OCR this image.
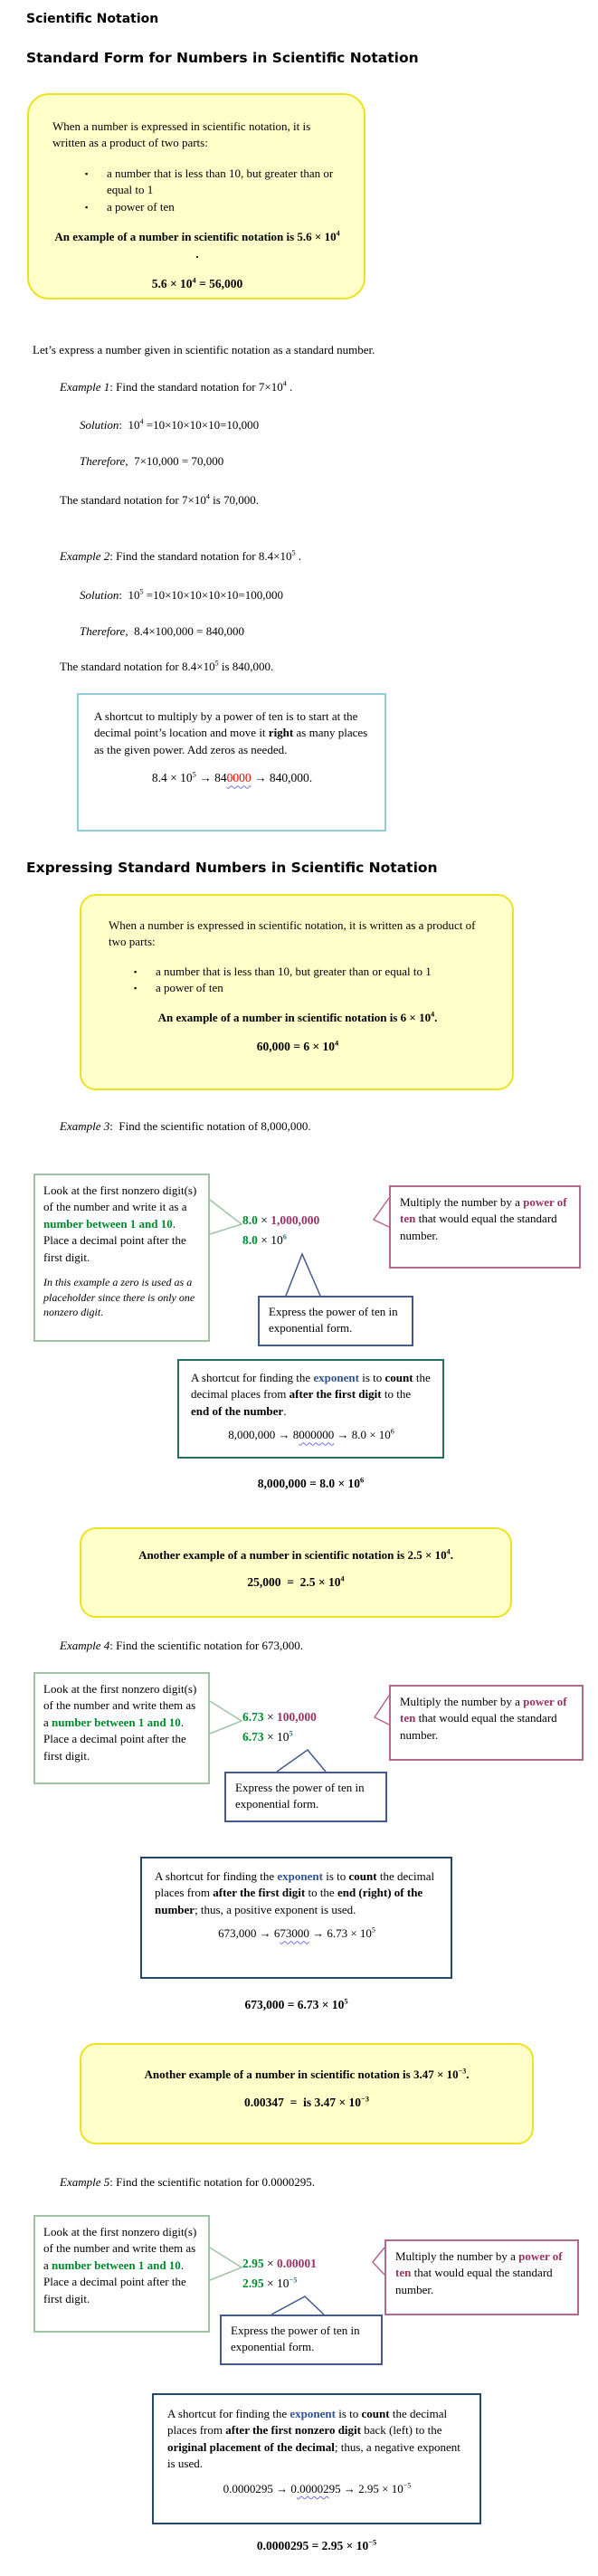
Scientific Notation
Standard Form for Numbers in Scientific Notation
When a number is expressed in scientific notation, it is written as a product of two parts:
▪	a number that is less than 10, but greater than or equal to 1
▪	a power of ten
An example of a number in scientific notation is $5.6 \times 10^4$ .
$5.6 \times 10^4 = 56,000$
Let’s express a number given in scientific notation as a standard number.
Example 1: Find the standard notation for $7\times 10^4$ .
Solution:  $10^4 =10\times 10\times 10\times 10=10,000$
Therefore,  7×10,000 = 70,000
The standard notation for $7\times 10^4$ is 70,000.
Example 2: Find the standard notation for $8.4\times 10^5$ .
Solution:  $10^5 =10\times 10\times 10\times 10\times 10=100,000$
Therefore,  8.4×100,000 = 840,000
The standard notation for $8.4\times 10^5$ is 840,000.
A shortcut to multiply by a power of ten is to start at the decimal point’s location and move it right as many places as the given power. Add zeros as needed.
$8.4 \times 10^5 \to 840000 \to 840,000$.
Expressing Standard Numbers in Scientific Notation
When a number is expressed in scientific notation, it is written as a product of two parts:
▪	a number that is less than 10, but greater than or equal to 1
▪	a power of ten
An example of a number in scientific notation is $6 \times 10^4$.
$60,000 = 6 \times 10^4$
Example 3:  Find the scientific notation of 8,000,000.
Look at the first nonzero digit(s) of the number and write it as a number between 1 and 10. Place a decimal point after the first digit.
In this example a zero is used as a placeholder since there is only one nonzero digit.
8.0 × 1,000,000
$8.0 \times 10^6$
Multiply the number by a power of ten that would equal the standard number.
Express the power of ten in exponential form.
A shortcut for finding the exponent is to count the decimal places from after the first digit to the end of the number.
$8,000,000 \to 8000000 \to 8.0 \times 10^6$
$8,000,000 = 8.0 \times 10^6$
Another example of a number in scientific notation is $2.5 \times 10^4$.
$25,000 = 2.5 \times 10^4$
Example 4: Find the scientific notation for 673,000.
Look at the first nonzero digit(s) of the number and write them as a number between 1 and 10. Place a decimal point after the first digit.
6.73 × 100,000
$6.73 \times 10^5$
Multiply the number by a power of ten that would equal the standard number.
Express the power of ten in exponential form.
A shortcut for finding the exponent is to count the decimal places from after the first digit to the end (right) of the number; thus, a positive exponent is used.
$673,000 \to 673000 \to 6.73 \times 10^5$
$673,000 = 6.73 \times 10^5$
Another example of a number in scientific notation is $3.47 \times 10^{-3}$.
0.00347  =  is $3.47 \times 10^{-3}$
Example 5: Find the scientific notation for 0.0000295.
Look at the first nonzero digit(s) of the number and write them as a number between 1 and 10.  Place a decimal point after the first digit.
2.95 × 0.00001
$2.95 \times 10^{-5}$
Multiply the number by a power of ten that would equal the standard number.
Express the power of ten in exponential form.
A shortcut for finding the exponent is to count the decimal places from after the first nonzero digit back (left) to the original placement of the decimal; thus, a negative exponent is used.
$0.0000295 \to 0.0000295 \to 2.95 \times 10^{-5}$
$0.0000295 = 2.95 \times 10^{-5}$
